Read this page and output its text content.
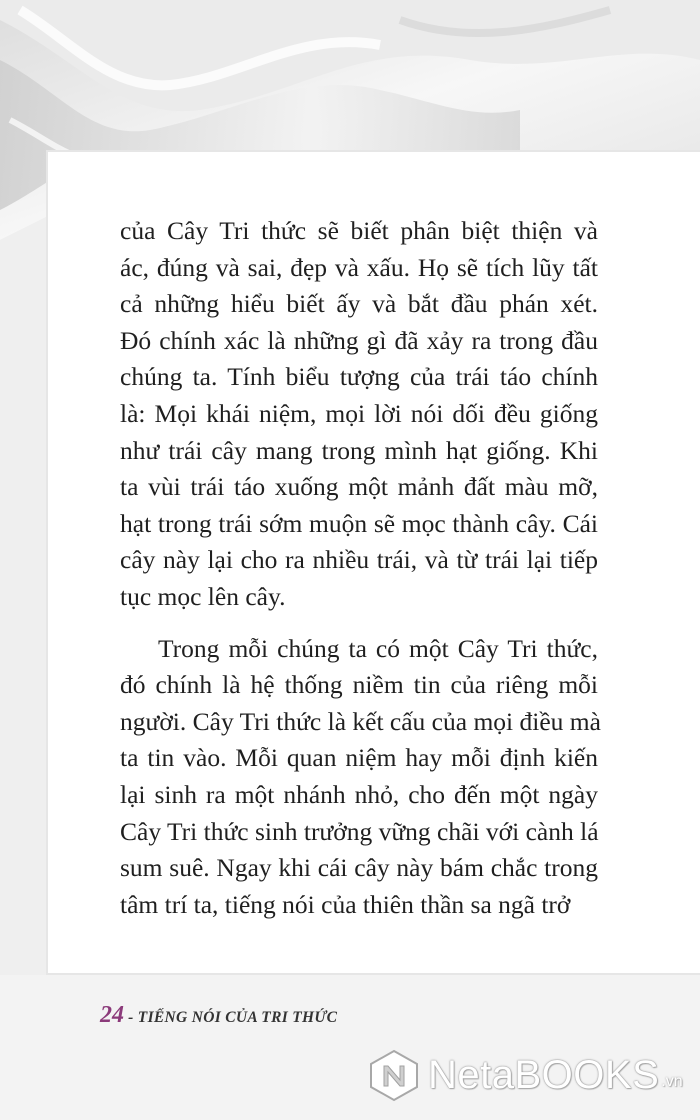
của Cây Tri thức sẽ biết phân biệt thiện và
ác, đúng và sai, đẹp và xấu. Họ sẽ tích lũy tất
cả những hiểu biết ấy và bắt đầu phán xét.
Đó chính xác là những gì đã xảy ra trong đầu
chúng ta. Tính biểu tượng của trái táo chính
là: Mọi khái niệm, mọi lời nói dối đều giống
như trái cây mang trong mình hạt giống. Khi
ta vùi trái táo xuống một mảnh đất màu mỡ,
hạt trong trái sớm muộn sẽ mọc thành cây. Cái
cây này lại cho ra nhiều trái, và từ trái lại tiếp
tục mọc lên cây.
Trong mỗi chúng ta có một Cây Tri thức,
đó chính là hệ thống niềm tin của riêng mỗi
người. Cây Tri thức là kết cấu của mọi điều mà
ta tin vào. Mỗi quan niệm hay mỗi định kiến
lại sinh ra một nhánh nhỏ, cho đến một ngày
Cây Tri thức sinh trưởng vững chãi với cành lá
sum suê. Ngay khi cái cây này bám chắc trong
tâm trí ta, tiếng nói của thiên thần sa ngã trở
24 - TIẾNG NÓI CỦA TRI THỨC
NetaBOOKS .vn
